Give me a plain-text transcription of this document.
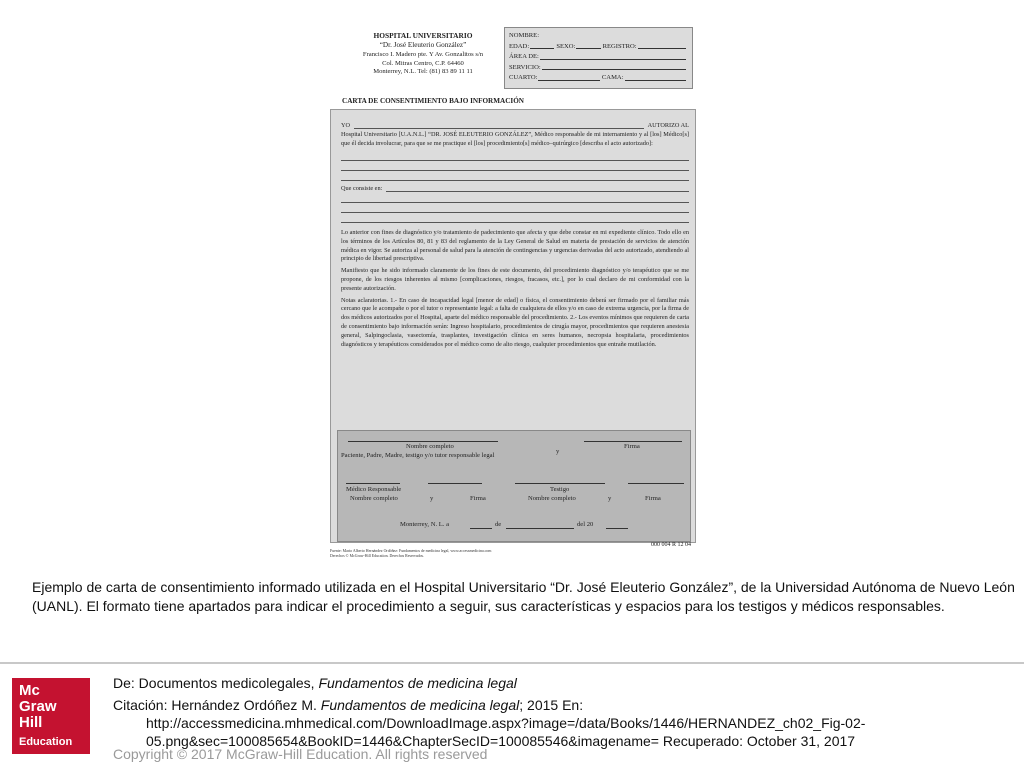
HOSPITAL UNIVERSITARIO
“Dr. José Eleuterio González”
Francisco I. Madero pte. Y Av. Gonzalitos s/n
Col. Mitras Centro, C.P. 64460
Monterrey, N.L. Tel: (81) 83 89 11 11
NOMBRE:
EDAD:	SEXO:	REGISTRO:
ÁREA DE:
SERVICIO:
CUARTO:	CAMA:
CARTA DE CONSENTIMIENTO BAJO INFORMACIÓN
YO	AUTORIZO AL

Hospital Universitario [U.A.N.L.] “DR. JOSÉ ELEUTERIO GONZÁLEZ”, Médico responsable de mi internamiento y al [los] Médico[s] que él decida involucrar, para que se me practique el [los] procedimiento[s] médico–quirúrgico [describa el acto autorizado]:

Que consiste en:

Lo anterior con fines de diagnóstico y/o tratamiento de padecimiento que afecta y que debe constar en mi expediente clínico. Todo ello en los términos de los Artículos 80, 81 y 83 del reglamento de la Ley General de Salud en materia de prestación de servicios de atención médica en vigor. Se autoriza al personal de salud para la atención de contingencias y urgencias derivadas del acto autorizado, atendiendo al principio de libertad prescriptiva.

Manifiesto que he sido informado claramente de los fines de este documento, del procedimiento diagnóstico y/o terapéutico que se me propone, de los riesgos inherentes al mismo [complicaciones, riesgos, fracasos, etc.], por lo cual declaro de mi conformidad con la presente autorización.

Notas aclaratorias. 1.- En caso de incapacidad legal [menor de edad] o física, el consentimiento deberá ser firmado por el familiar más cercano que le acompañe o por el tutor o representante legal: a falta de cualquiera de ellos y/o en caso de extrema urgencia, por la firma de dos médicos autorizados por el Hospital, aparte del médico responsable del procedimiento. 2.- Los eventos mínimos que requieren de carta de consentimiento bajo información serán: Ingreso hospitalario, procedimientos de cirugía mayor, procedimientos que requieren anestesia general, Salpingoclasia, vasectomía, trasplantes, investigación clínica en seres humanos, necropsia hospitalaria, procedimientos diagnósticos y terapéuticos considerados por el médico como de alto riesgo, cualquier procedimientos que entrañe mutilación.

Nombre completo
y
Firma
Paciente, Padre, Madre, testigo y/o tutor responsable legal
Médico Responsable	Testigo
Nombre completo	y	Firma	Nombre completo	y	Firma
Monterrey, N. L. a	de	del 20
Fuente: Mario Alberto Hernández Ordóñez: Fundamentos de medicina legal, www.accessmedicina.com
Derechos © McGraw-Hill Education. Derechos Reservados.
000 004 R 12 04
Ejemplo de carta de consentimiento informado utilizada en el Hospital Universitario “Dr. José Eleuterio González”, de la Universidad Autónoma de Nuevo León (UANL). El formato tiene apartados para indicar el procedimiento a seguir, sus características y espacios para los testigos y médicos responsables.
Mc
Graw
Hill
Education
De: Documentos medicolegales, Fundamentos de medicina legal
Citación: Hernández Ordóñez M. Fundamentos de medicina legal; 2015 En:
http://accessmedicina.mhmedical.com/DownloadImage.aspx?image=/data/Books/1446/HERNANDEZ_ch02_Fig-02-
05.png&sec=100085654&BookID=1446&ChapterSecID=100085546&imagename= Recuperado: October 31, 2017
Copyright © 2017 McGraw-Hill Education. All rights reserved
